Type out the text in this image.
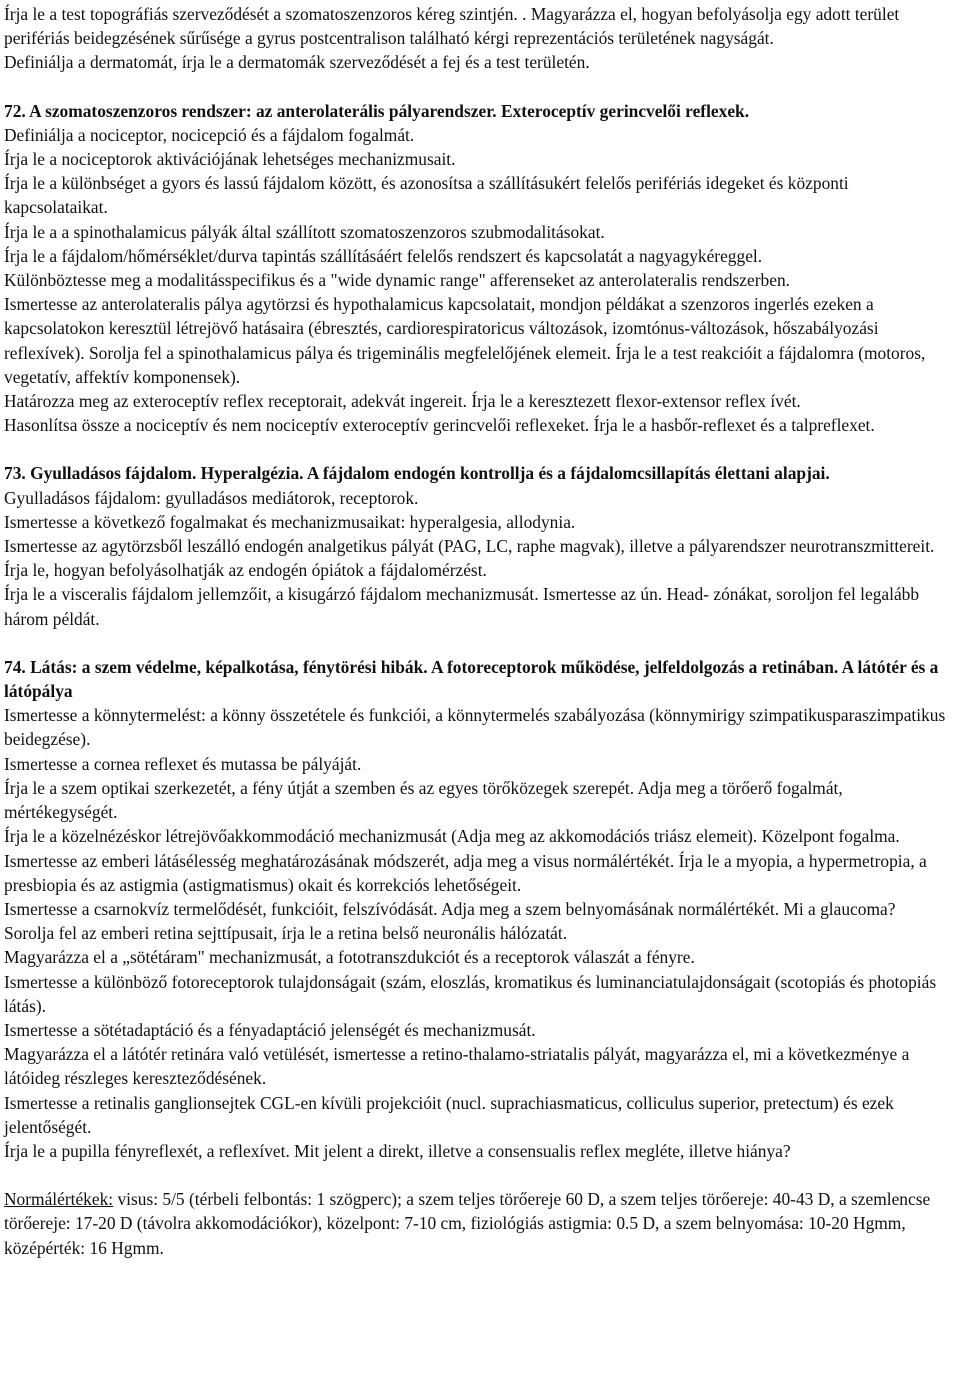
Írja le a test topográfiás szerveződését a szomatoszenzoros kéreg szintjén. . Magyarázza el, hogyan befolyásolja egy adott terület perifériás beidegzésének sűrűsége a gyrus postcentralison található kérgi reprezentációs területének nagyságát.

Definiálja a dermatomát, írja le a dermatomák szerveződését a fej és a test területén.

72. A szomatoszenzoros rendszer: az anterolaterális pályarendszer. Exteroceptív gerincvelői reflexek.

Definiálja a nociceptor, nocicepció és a fájdalom fogalmát.

Írja le a nociceptorok aktivációjának lehetséges mechanizmusait.

Írja le a különbséget a gyors és lassú fájdalom között, és azonosítsa a szállításukért felelős perifériás idegeket és központi kapcsolataikat.

Írja le a a spinothalamicus pályák által szállított szomatoszenzoros szubmodalitásokat.

Írja le a fájdalom/hőmérséklet/durva tapintás szállításáért felelős rendszert és kapcsolatát a nagyagykéreggel.

Különböztesse meg a modalitásspecifikus és a "wide dynamic range" afferenseket az anterolateralis rendszerben.

Ismertesse az anterolateralis pálya agytörzsi és hypothalamicus kapcsolatait, mondjon példákat a szenzoros ingerlés ezeken a kapcsolatokon keresztül létrejövő hatásaira (ébresztés, cardiorespiratoricus változások, izomtónus-változások, hőszabályozási reflexívek). Sorolja fel a spinothalamicus pálya és trigeminális megfelelőjének elemeit. Írja le a test reakcióit a fájdalomra (motoros, vegetatív, affektív komponensek).

Határozza meg az exteroceptív reflex receptorait, adekvát ingereit. Írja le a keresztezett flexor-extensor reflex ívét.

Hasonlítsa össze a nociceptív és nem nociceptív exteroceptív gerincvelői reflexeket. Írja le a hasbőr-reflexet és a talpreflexet.

73. Gyulladásos fájdalom. Hyperalgézia. A fájdalom endogén kontrollja és a fájdalomcsillapítás élettani alapjai.

Gyulladásos fájdalom: gyulladásos mediátorok, receptorok.

Ismertesse a következő fogalmakat és mechanizmusaikat: hyperalgesia, allodynia.

Ismertesse az agytörzsből leszálló endogén analgetikus pályát (PAG, LC, raphe magvak), illetve a pályarendszer neurotranszmittereit. Írja le, hogyan befolyásolhatják az endogén ópiátok a fájdalomérzést.

Írja le a visceralis fájdalom jellemzőit, a kisugárzó fájdalom mechanizmusát. Ismertesse az ún. Head- zónákat, soroljon fel legalább három példát.

74. Látás: a szem védelme, képalkotása, fénytörési hibák. A fotoreceptorok működése, jelfeldolgozás a retinában. A látótér és a látópálya

Ismertesse a könnytermelést: a könny összetétele és funkciói, a könnytermelés szabályozása (könnymirigy szimpatikusparaszimpatikus beidegzése).

Ismertesse a cornea reflexet és mutassa be pályáját.

Írja le a szem optikai szerkezetét, a fény útját a szemben és az egyes törőközegek szerepét. Adja meg a törőerő fogalmát, mértékegységét.

Írja le a közelnézéskor létrejövőakkommodáció mechanizmusát (Adja meg az akkomodációs triász elemeit). Közelpont fogalma.

Ismertesse az emberi látásélesség meghatározásának módszerét, adja meg a visus normálértékét. Írja le a myopia, a hypermetropia, a presbiopia és az astigmia (astigmatismus) okait és korrekciós lehetőségeit.

Ismertesse a csarnokvíz termelődését, funkcióit, felszívódását. Adja meg a szem belnyomásának normálértékét. Mi a glaucoma?

Sorolja fel az emberi retina sejttípusait, írja le a retina belső neuronális hálózatát.

Magyarázza el a „sötétáram" mechanizmusát, a fototranszdukciót és a receptorok válaszát a fényre.

Ismertesse a különböző fotoreceptorok tulajdonságait (szám, eloszlás, kromatikus és luminanciatulajdonságait (scotopiás és photopiás látás).

Ismertesse a sötétadaptáció és a fényadaptáció jelenségét és mechanizmusát.

Magyarázza el a látótér retinára való vetülését, ismertesse a retino-thalamo-striatalis pályát, magyarázza el, mi a következménye a látóideg részleges kereszteződésének.

Ismertesse a retinalis ganglionsejtek CGL-en kívüli projekcióit (nucl. suprachiasmaticus, colliculus superior, pretectum) és ezek jelentőségét.

Írja le a pupilla fényreflexét, a reflexívet. Mit jelent a direkt, illetve a consensualis reflex megléte, illetve hiánya?

Normálértékek: visus: 5/5 (térbeli felbontás: 1 szögperc); a szem teljes törőereje 60 D, a szem teljes törőereje: 40-43 D, a szemlencse törőereje: 17-20 D (távolra akkomodációkor), közelpont: 7-10 cm, fiziológiás astigmia: 0.5 D, a szem belnyomása: 10-20 Hgmm, középérték: 16 Hgmm.
